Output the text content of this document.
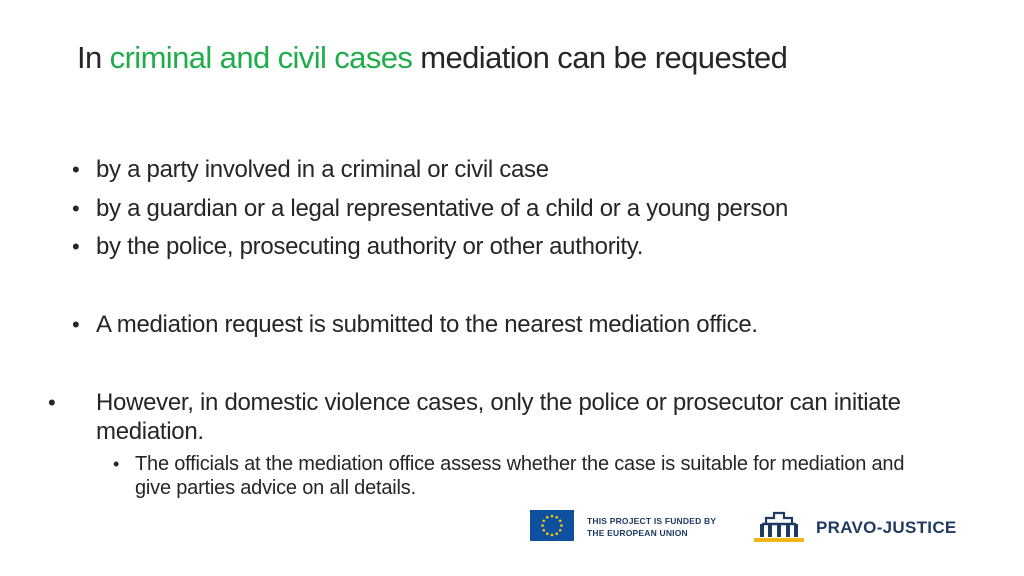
In criminal and civil cases mediation can be requested
• by a party involved in a criminal or civil case
• by a guardian or a legal representative of a child or a young person
• by the police, prosecuting authority or other authority.
• A mediation request is submitted to the nearest mediation office.
• However, in domestic violence cases, only the police or prosecutor can initiate mediation.
• The officials at the mediation office assess whether the case is suitable for mediation and give parties advice on all details.
THIS PROJECT IS FUNDED BY
THE EUROPEAN UNION	PRAVO-JUSTICE
